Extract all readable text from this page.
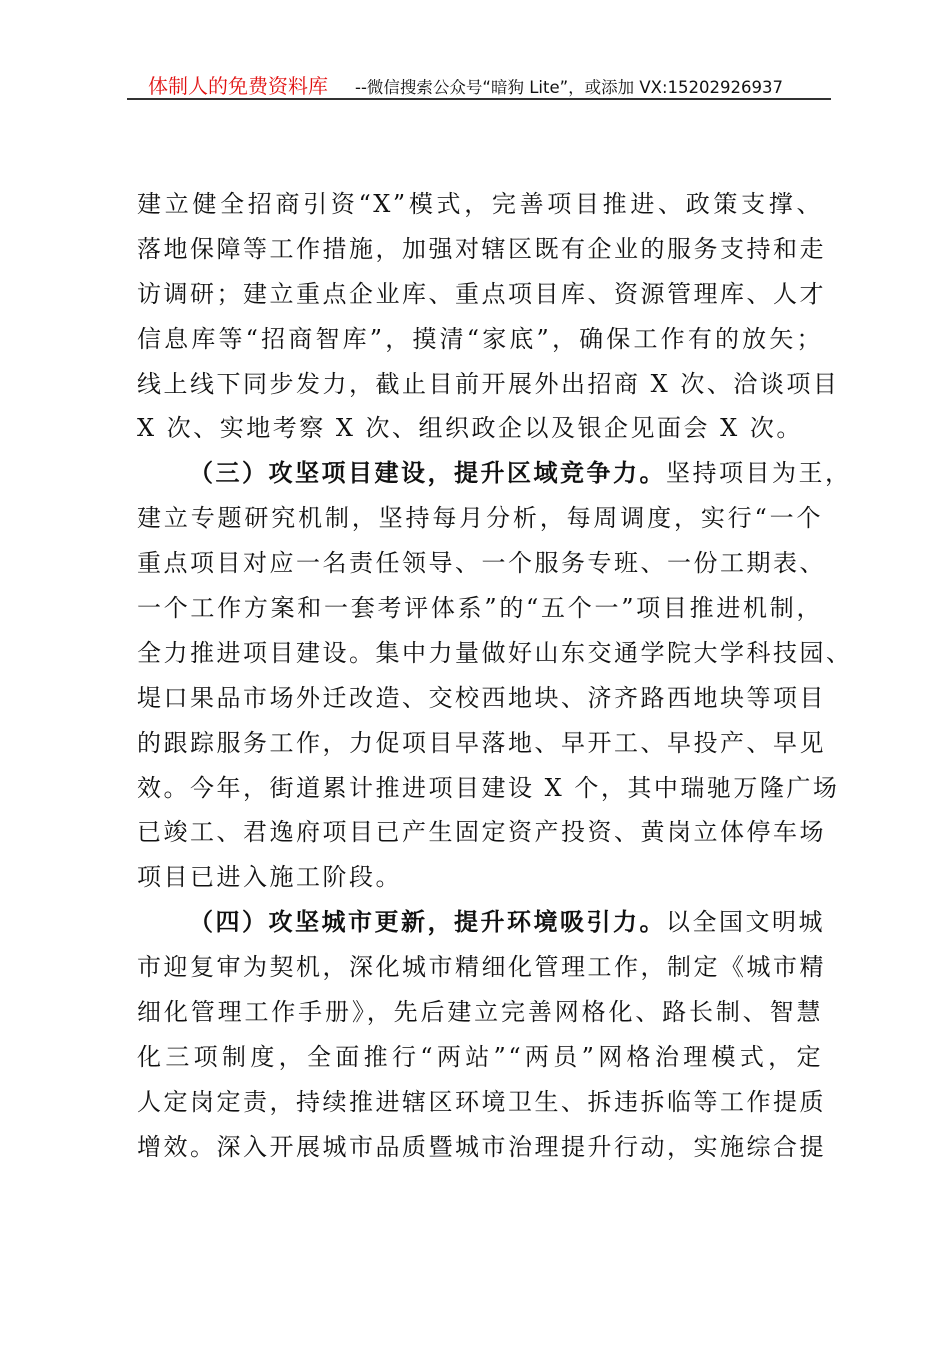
体制人的免费资料库 --微信搜索公众号“暗狗 Lite”，或添加 VX:15202926937
建立健全招商引资“X”模式，完善项目推进、政策支撑、
落地保障等工作措施，加强对辖区既有企业的服务支持和走
访调研；建立重点企业库、重点项目库、资源管理库、人才
信息库等“招商智库”，摸清“家底”，确保工作有的放矢；
线上线下同步发力，截止目前开展外出招商 X 次、洽谈项目
X 次、实地考察 X 次、组织政企以及银企见面会 X 次。
（三）攻坚项目建设，提升区域竞争力。坚持项目为王，
建立专题研究机制，坚持每月分析，每周调度，实行“一个
重点项目对应一名责任领导、一个服务专班、一份工期表、
一个工作方案和一套考评体系”的“五个一”项目推进机制，
全力推进项目建设。集中力量做好山东交通学院大学科技园、
堤口果品市场外迁改造、交校西地块、济齐路西地块等项目
的跟踪服务工作，力促项目早落地、早开工、早投产、早见
效。今年，街道累计推进项目建设 X 个，其中瑞驰万隆广场
已竣工、君逸府项目已产生固定资产投资、黄岗立体停车场
项目已进入施工阶段。
（四）攻坚城市更新，提升环境吸引力。以全国文明城
市迎复审为契机，深化城市精细化管理工作，制定《城市精
细化管理工作手册》，先后建立完善网格化、路长制、智慧
化三项制度，全面推行“两站”“两员”网格治理模式，定
人定岗定责，持续推进辖区环境卫生、拆违拆临等工作提质
增效。深入开展城市品质暨城市治理提升行动，实施综合提
